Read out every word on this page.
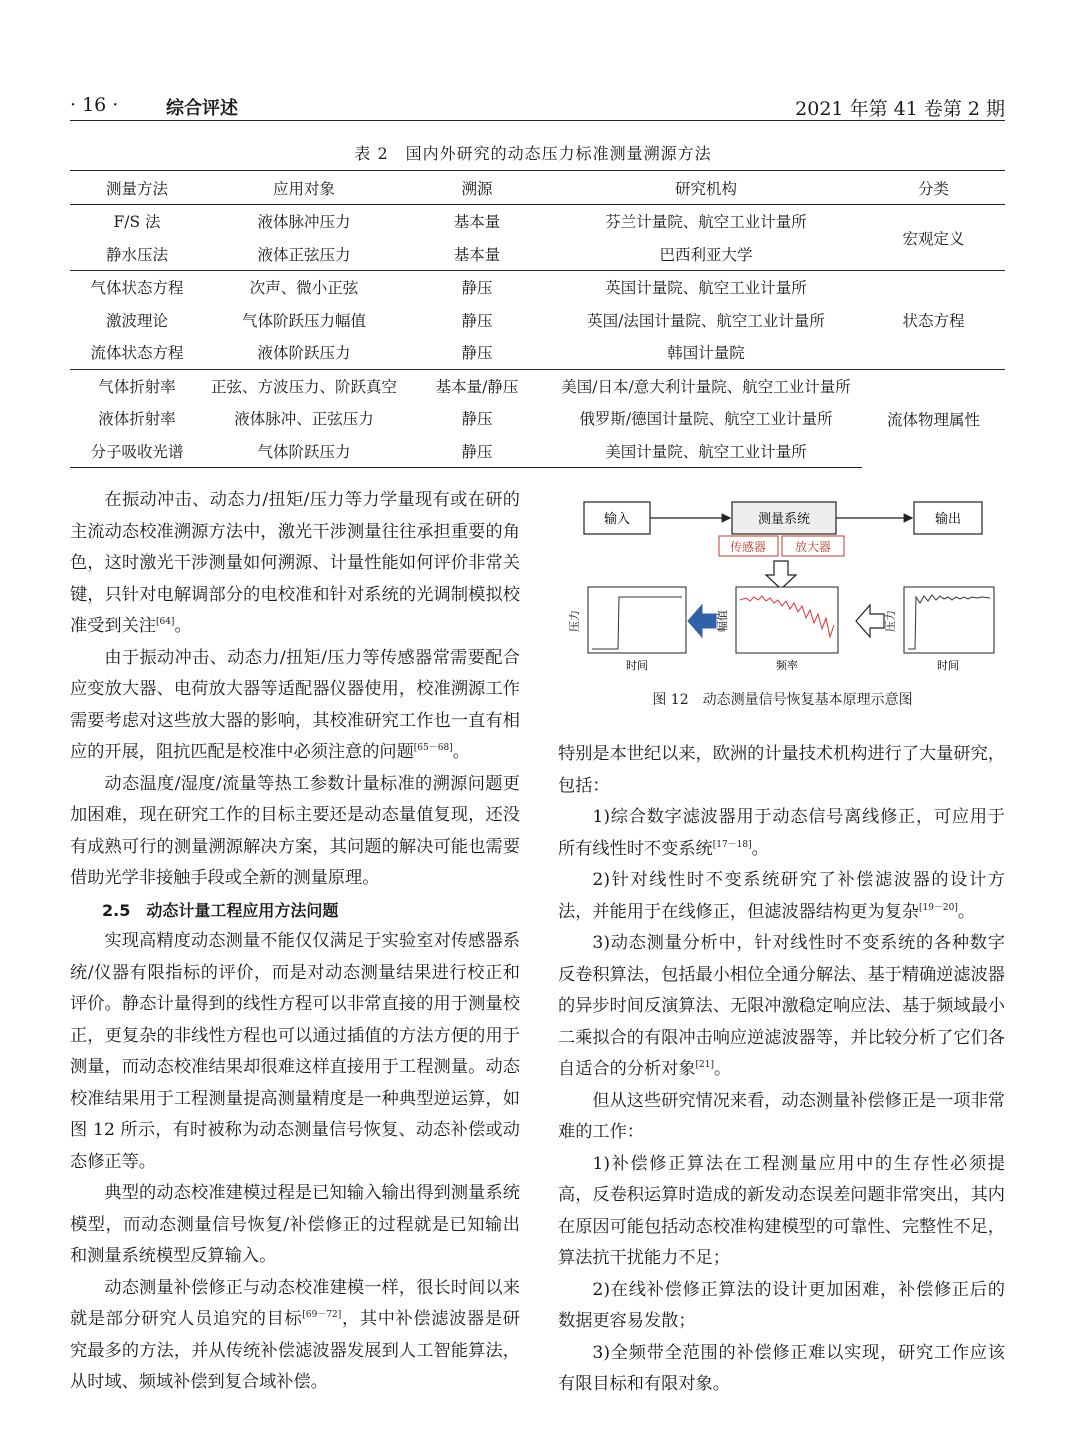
· 16 ·	综合评述	2021 年第 41 卷第 2 期
表 2　国内外研究的动态压力标准测量溯源方法
测量方法	应用对象	溯源	研究机构	分类
F/S 法	液体脉冲压力	基本量	芬兰计量院、航空工业计量所	宏观定义
静水压法	液体正弦压力	基本量	巴西利亚大学	
气体状态方程	次声、微小正弦	静压	英国计量院、航空工业计量所	状态方程
激波理论	气体阶跃压力幅值	静压	英国/法国计量院、航空工业计量所	
流体状态方程	液体阶跃压力	静压	韩国计量院	
气体折射率	正弦、方波压力、阶跃真空	基本量/静压	美国/日本/意大利计量院、航空工业计量所	流体物理属性
液体折射率	液体脉冲、正弦压力	静压	俄罗斯/德国计量院、航空工业计量所	
分子吸收光谱	气体阶跃压力	静压	美国计量院、航空工业计量所	

在振动冲击、动态力/扭矩/压力等力学量现有或在研的主流动态校准溯源方法中，激光干涉测量往往承担重要的角色，这时激光干涉测量如何溯源、计量性能如何评价非常关键，只针对电解调部分的电校准和针对系统的光调制模拟校准受到关注[64]。

由于振动冲击、动态力/扭矩/压力等传感器常需要配合应变放大器、电荷放大器等适配器仪器使用，校准溯源工作需要考虑对这些放大器的影响，其校准研究工作也一直有相应的开展，阻抗匹配是校准中必须注意的问题[65－68]。

动态温度/湿度/流量等热工参数计量标准的溯源问题更加困难，现在研究工作的目标主要还是动态量值复现，还没有成熟可行的测量溯源解决方案，其问题的解决可能也需要借助光学非接触手段或全新的测量原理。

2.5　动态计量工程应用方法问题

实现高精度动态测量不能仅仅满足于实验室对传感器系统/仪器有限指标的评价，而是对动态测量结果进行校正和评价。静态计量得到的线性方程可以非常直接的用于测量校正，更复杂的非线性方程也可以通过插值的方法方便的用于测量，而动态校准结果却很难这样直接用于工程测量。动态校准结果用于工程测量提高测量精度是一种典型逆运算，如图 12 所示，有时被称为动态测量信号恢复、动态补偿或动态修正等。

典型的动态校准建模过程是已知输入输出得到测量系统模型，而动态测量信号恢复/补偿修正的过程就是已知输出和测量系统模型反算输入。

动态测量补偿修正与动态校准建模一样，很长时间以来就是部分研究人员追究的目标[69－72]，其中补偿滤波器是研究最多的方法，并从传统补偿滤波器发展到人工智能算法，从时域、频域补偿到复合域补偿。

输入	测量系统	输出
传感器 放大器
压力
时间
幅值
频率
压力
时间
图 12　动态测量信号恢复基本原理示意图

特别是本世纪以来，欧洲的计量技术机构进行了大量研究，包括：

1)综合数字滤波器用于动态信号离线修正，可应用于所有线性时不变系统[17－18]。

2)针对线性时不变系统研究了补偿滤波器的设计方法，并能用于在线修正，但滤波器结构更为复杂[19－20]。

3)动态测量分析中，针对线性时不变系统的各种数字反卷积算法，包括最小相位全通分解法、基于精确逆滤波器的异步时间反演算法、无限冲激稳定响应法、基于频域最小二乘拟合的有限冲击响应逆滤波器等，并比较分析了它们各自适合的分析对象[21]。

但从这些研究情况来看，动态测量补偿修正是一项非常难的工作：

1)补偿修正算法在工程测量应用中的生存性必须提高，反卷积运算时造成的新发动态误差问题非常突出，其内在原因可能包括动态校准构建模型的可靠性、完整性不足，算法抗干扰能力不足；

2)在线补偿修正算法的设计更加困难，补偿修正后的数据更容易发散；

3)全频带全范围的补偿修正难以实现，研究工作应该有限目标和有限对象。
